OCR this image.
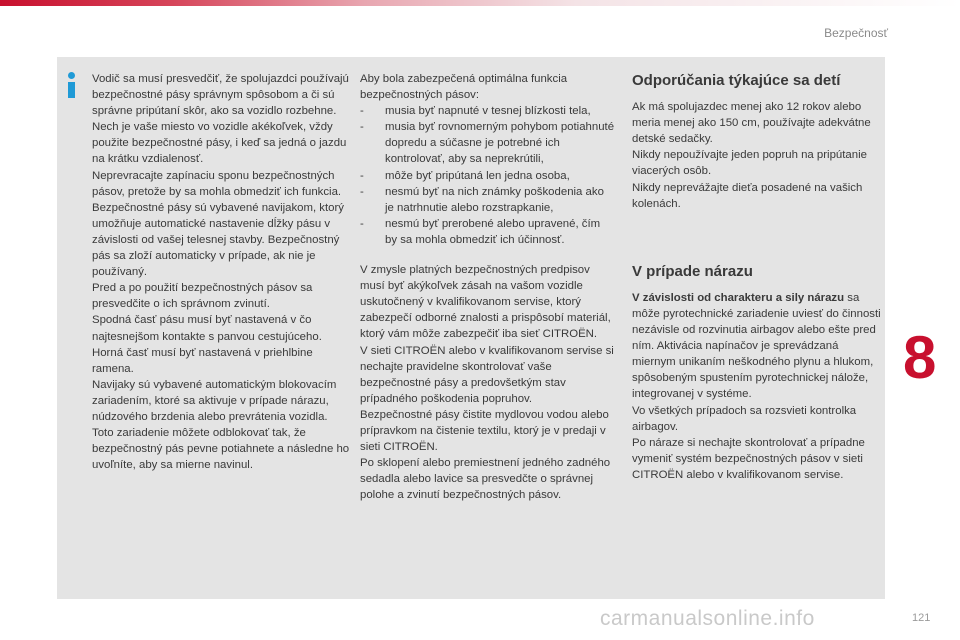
Bezpečnosť

Vodič sa musí presvedčiť, že spolujazdci používajú bezpečnostné pásy správnym spôsobom a či sú správne pripútaní skôr, ako sa vozidlo rozbehne.

Nech je vaše miesto vo vozidle akékoľvek, vždy použite bezpečnostné pásy, i keď sa jedná o jazdu na krátku vzdialenosť.

Neprevracajte zapínaciu sponu bezpečnostných pásov, pretože by sa mohla obmedziť ich funkcia.

Bezpečnostné pásy sú vybavené navijakom, ktorý umožňuje automatické nastavenie dĺžky pásu v závislosti od vašej telesnej stavby. Bezpečnostný pás sa zloží automaticky v prípade, ak nie je používaný.

Pred a po použití bezpečnostných pásov sa presvedčite o ich správnom zvinutí.

Spodná časť pásu musí byť nastavená v čo najtesnejšom kontakte s panvou cestujúceho.

Horná časť musí byť nastavená v priehlbine ramena.

Navijaky sú vybavené automatickým blokovacím zariadením, ktoré sa aktivuje v prípade nárazu, núdzového brzdenia alebo prevrátenia vozidla. Toto zariadenie môžete odblokovať tak, že bezpečnostný pás pevne potiahnete a následne ho uvoľníte, aby sa mierne navinul.

Aby bola zabezpečená optimálna funkcia bezpečnostných pásov:

- musia byť napnuté v tesnej blízkosti tela,
- musia byť rovnomerným pohybom potiahnuté dopredu a súčasne je potrebné ich kontrolovať, aby sa neprekrútili,
- môže byť pripútaná len jedna osoba,
- nesmú byť na nich známky poškodenia ako je natrhnutie alebo rozstrapkanie,
- nesmú byť prerobené alebo upravené, čím by sa mohla obmedziť ich účinnosť.

V zmysle platných bezpečnostných predpisov musí byť akýkoľvek zásah na vašom vozidle uskutočnený v kvalifikovanom servise, ktorý zabezpečí odborné znalosti a prispôsobí materiál, ktorý vám môže zabezpečiť iba sieť CITROËN.

V sieti CITROËN alebo v kvalifikovanom servise si nechajte pravidelne skontrolovať vaše bezpečnostné pásy a predovšetkým stav prípadného poškodenia popruhov.

Bezpečnostné pásy čistite mydlovou vodou alebo prípravkom na čistenie textilu, ktorý je v predaji v sieti CITROËN.

Po sklopení alebo premiestnení jedného zadného sedadla alebo lavice sa presvedčte o správnej polohe a zvinutí bezpečnostných pásov.

Odporúčania týkajúce sa detí

Ak má spolujazdec menej ako 12 rokov alebo meria menej ako 150 cm, používajte adekvátne detské sedačky.

Nikdy nepoužívajte jeden popruh na pripútanie viacerých osôb.

Nikdy neprevážajte dieťa posadené na vašich kolenách.

V prípade nárazu

V závislosti od charakteru a sily nárazu sa môže pyrotechnické zariadenie uviesť do činnosti nezávisle od rozvinutia airbagov alebo ešte pred ním. Aktivácia napínačov je sprevádzaná miernym unikaním neškodného plynu a hlukom, spôsobeným spustením pyrotechnickej nálože, integrovanej v systéme.

Vo všetkých prípadoch sa rozsvieti kontrolka airbagov.

Po náraze si nechajte skontrolovať a prípadne vymeniť systém bezpečnostných pásov v sieti CITROËN alebo v kvalifikovanom servise.

8
carmanualsonline.info	121
